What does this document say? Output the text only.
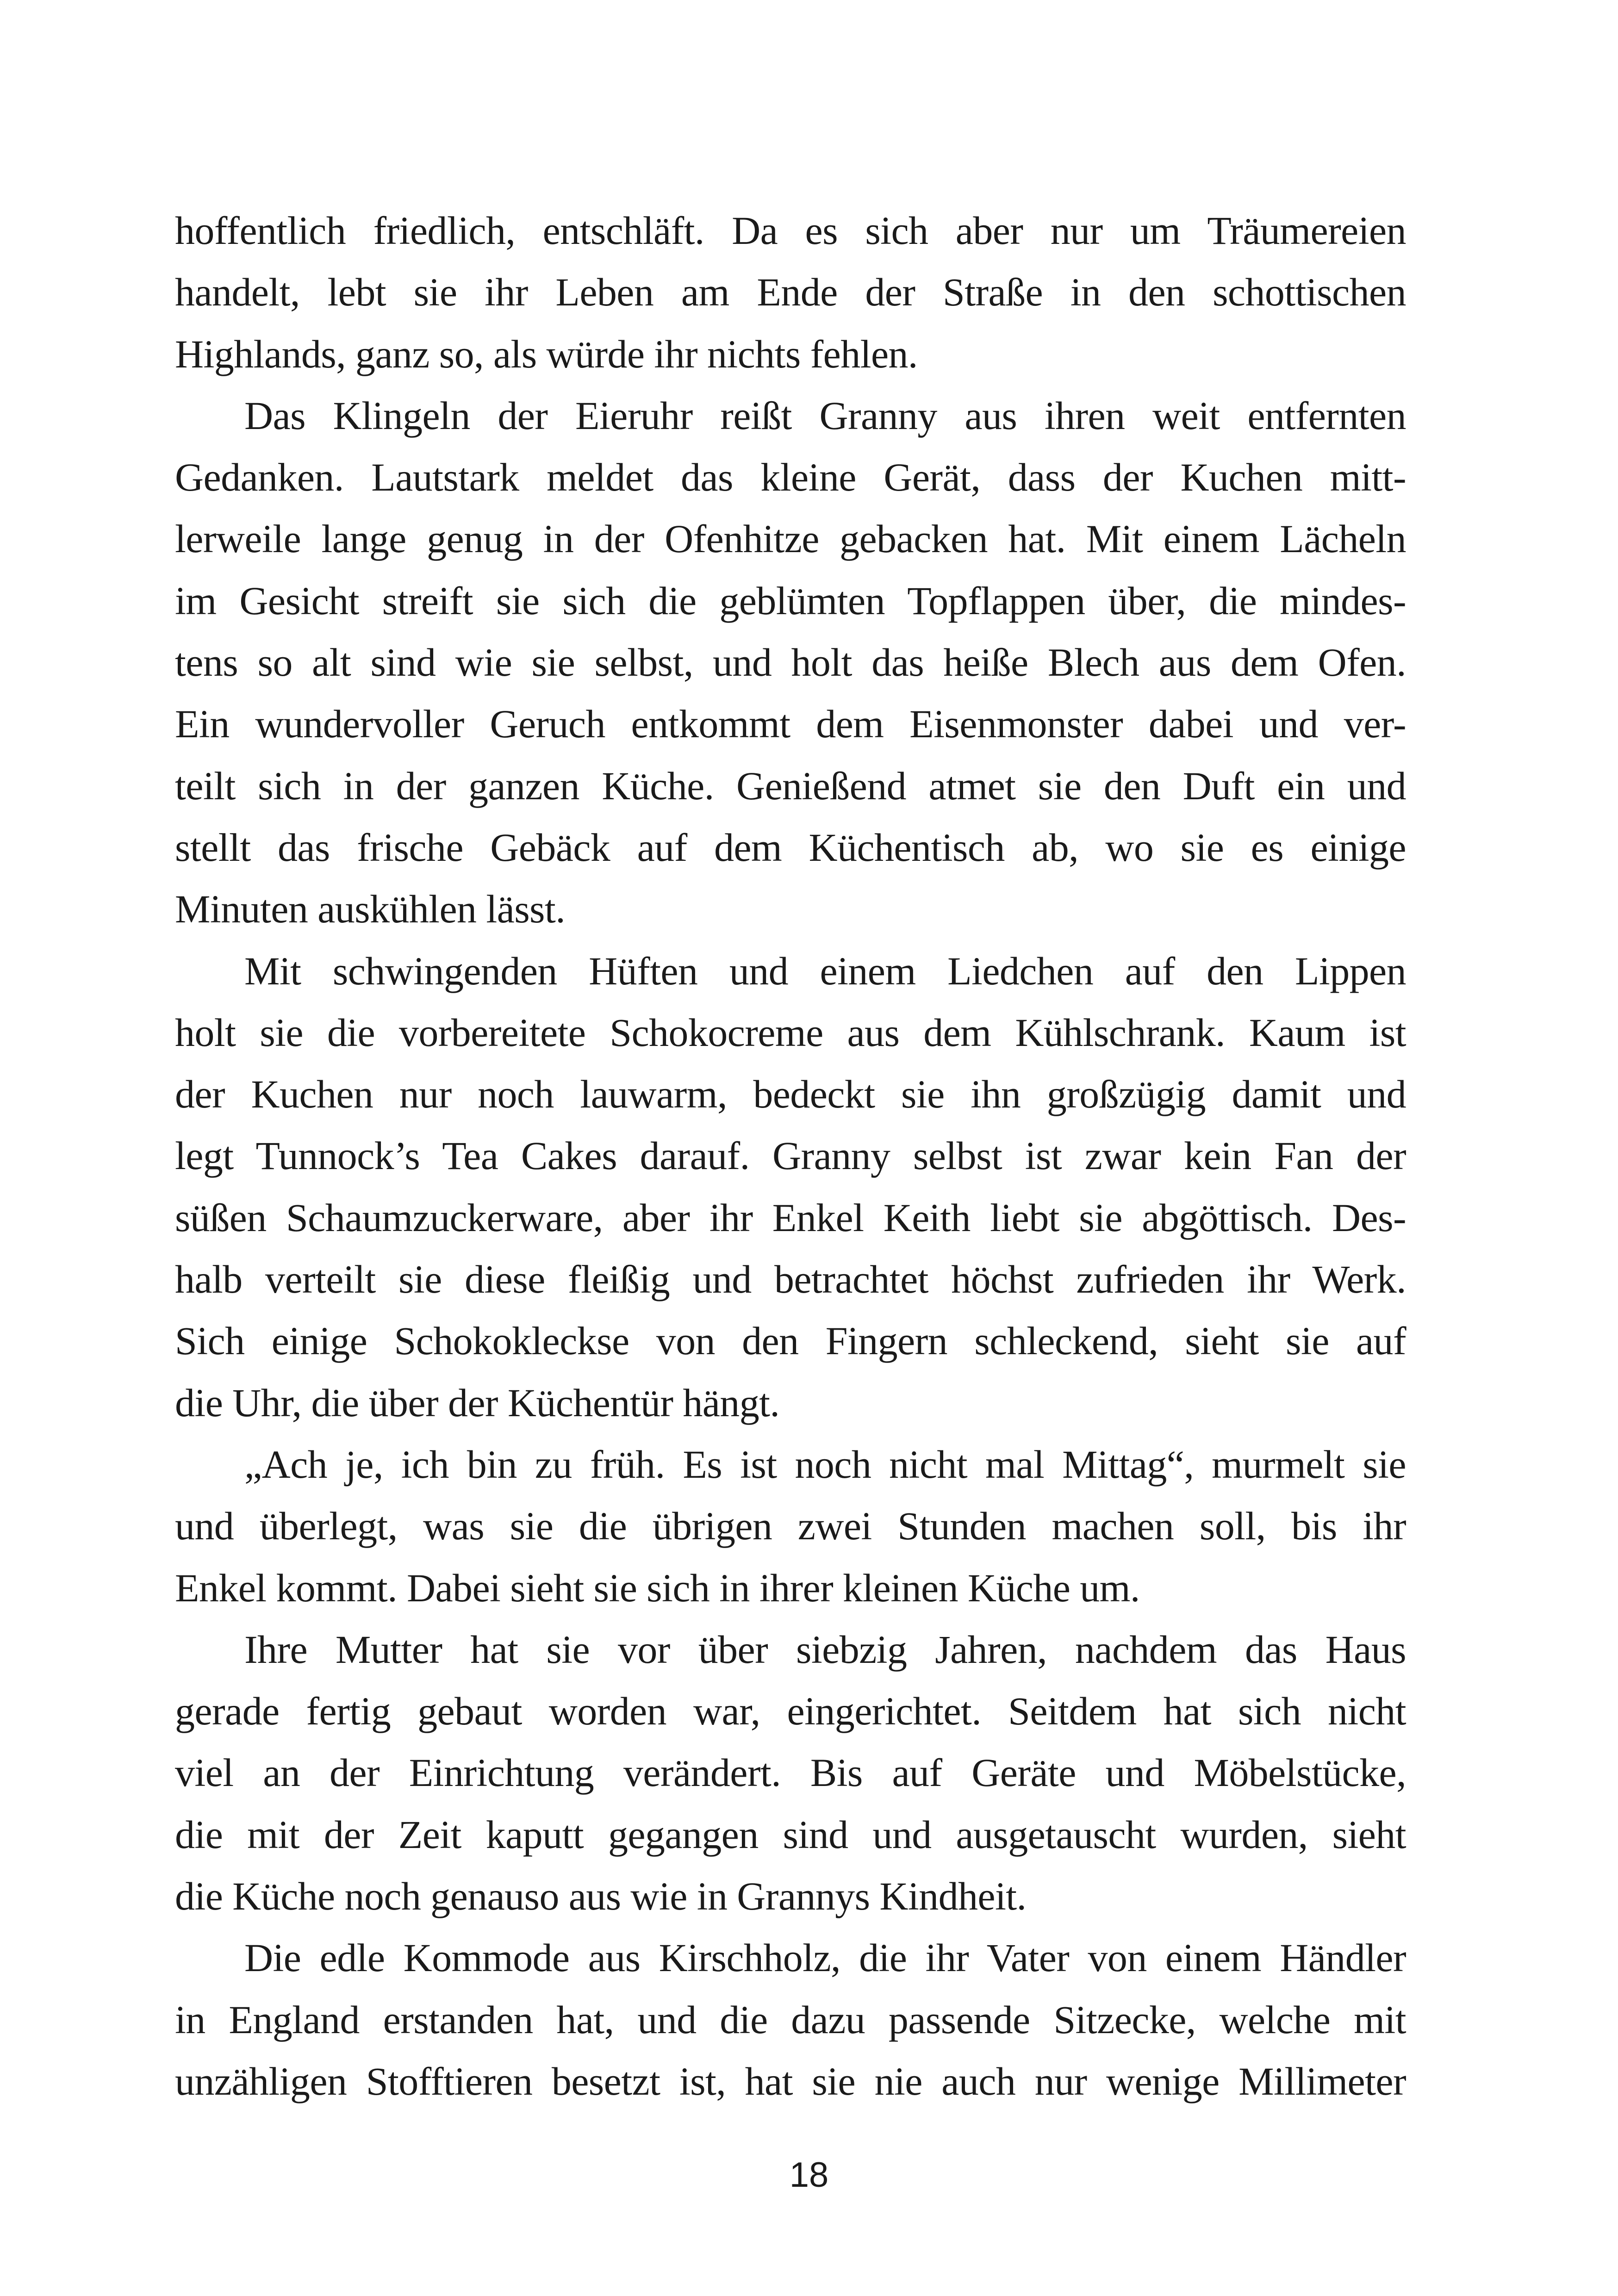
hoffentlich friedlich, entschläft. Da es sich aber nur um Träumereien
handelt, lebt sie ihr Leben am Ende der Straße in den schottischen
Highlands, ganz so, als würde ihr nichts fehlen.
Das Klingeln der Eieruhr reißt Granny aus ihren weit entfernten
Gedanken. Lautstark meldet das kleine Gerät, dass der Kuchen mitt-
lerweile lange genug in der Ofenhitze gebacken hat. Mit einem Lächeln
im Gesicht streift sie sich die geblümten Topflappen über, die mindes-
tens so alt sind wie sie selbst, und holt das heiße Blech aus dem Ofen.
Ein wundervoller Geruch entkommt dem Eisenmonster dabei und ver-
teilt sich in der ganzen Küche. Genießend atmet sie den Duft ein und
stellt das frische Gebäck auf dem Küchentisch ab, wo sie es einige
Minuten auskühlen lässt.
Mit schwingenden Hüften und einem Liedchen auf den Lippen
holt sie die vorbereitete Schokocreme aus dem Kühlschrank. Kaum ist
der Kuchen nur noch lauwarm, bedeckt sie ihn großzügig damit und
legt Tunnock’s Tea Cakes darauf. Granny selbst ist zwar kein Fan der
süßen Schaumzuckerware, aber ihr Enkel Keith liebt sie abgöttisch. Des-
halb verteilt sie diese fleißig und betrachtet höchst zufrieden ihr Werk.
Sich einige Schokokleckse von den Fingern schleckend, sieht sie auf
die Uhr, die über der Küchentür hängt.
„Ach je, ich bin zu früh. Es ist noch nicht mal Mittag“, murmelt sie
und überlegt, was sie die übrigen zwei Stunden machen soll, bis ihr
Enkel kommt. Dabei sieht sie sich in ihrer kleinen Küche um.
Ihre Mutter hat sie vor über siebzig Jahren, nachdem das Haus
gerade fertig gebaut worden war, eingerichtet. Seitdem hat sich nicht
viel an der Einrichtung verändert. Bis auf Geräte und Möbelstücke,
die mit der Zeit kaputt gegangen sind und ausgetauscht wurden, sieht
die Küche noch genauso aus wie in Grannys Kindheit.
Die edle Kommode aus Kirschholz, die ihr Vater von einem Händler
in England erstanden hat, und die dazu passende Sitzecke, welche mit
unzähligen Stofftieren besetzt ist, hat sie nie auch nur wenige Millimeter
18
